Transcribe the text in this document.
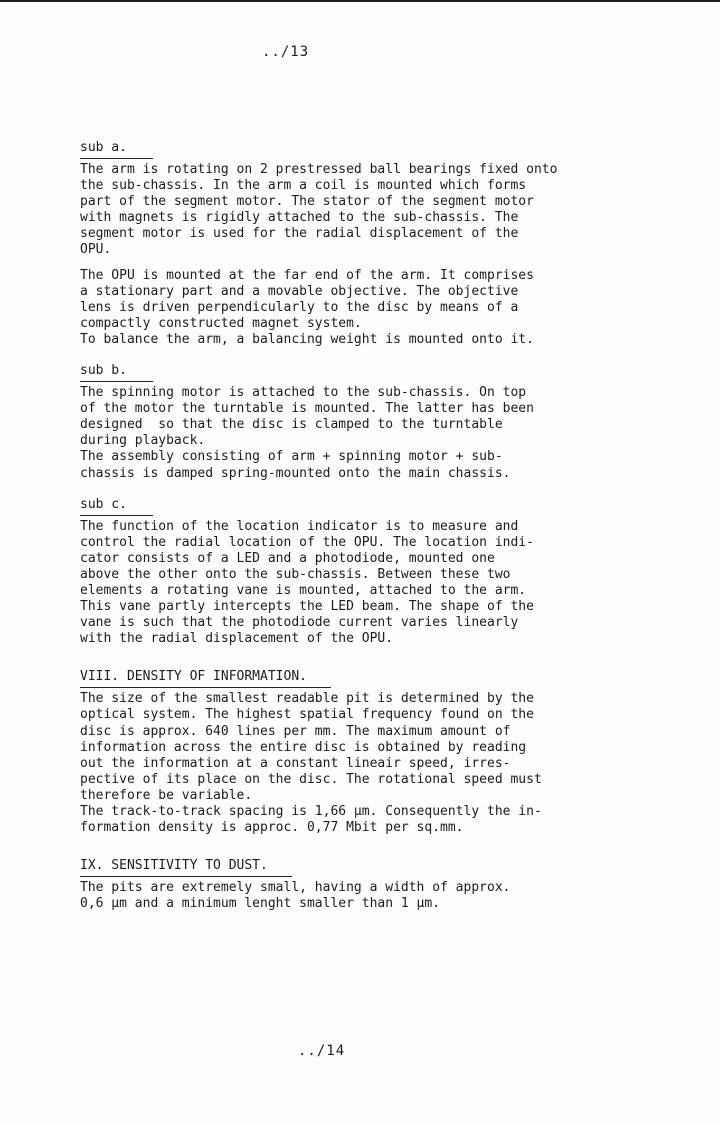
../13
sub a.
The arm is rotating on 2 prestressed ball bearings fixed onto
the sub-chassis. In the arm a coil is mounted which forms
part of the segment motor. The stator of the segment motor
with magnets is rigidly attached to the sub-chassis. The
segment motor is used for the radial displacement of the
OPU.
The OPU is mounted at the far end of the arm. It comprises
a stationary part and a movable objective. The objective
lens is driven perpendicularly to the disc by means of a
compactly constructed magnet system.
To balance the arm, a balancing weight is mounted onto it.
sub b.
The spinning motor is attached to the sub-chassis. On top
of the motor the turntable is mounted. The latter has been
designed  so that the disc is clamped to the turntable
during playback.
The assembly consisting of arm + spinning motor + sub-
chassis is damped spring-mounted onto the main chassis.
sub c.
The function of the location indicator is to measure and
control the radial location of the OPU. The location indi-
cator consists of a LED and a photodiode, mounted one
above the other onto the sub-chassis. Between these two
elements a rotating vane is mounted, attached to the arm.
This vane partly intercepts the LED beam. The shape of the
vane is such that the photodiode current varies linearly
with the radial displacement of the OPU.
VIII. DENSITY OF INFORMATION.
The size of the smallest readable pit is determined by the
optical system. The highest spatial frequency found on the
disc is approx. 640 lines per mm. The maximum amount of
information across the entire disc is obtained by reading
out the information at a constant lineair speed, irres-
pective of its place on the disc. The rotational speed must
therefore be variable.
The track-to-track spacing is 1,66 μm. Consequently the in-
formation density is approc. 0,77 Mbit per sq.mm.
IX. SENSITIVITY TO DUST.
The pits are extremely small, having a width of approx.
0,6 μm and a minimum lenght smaller than 1 μm.
../14
